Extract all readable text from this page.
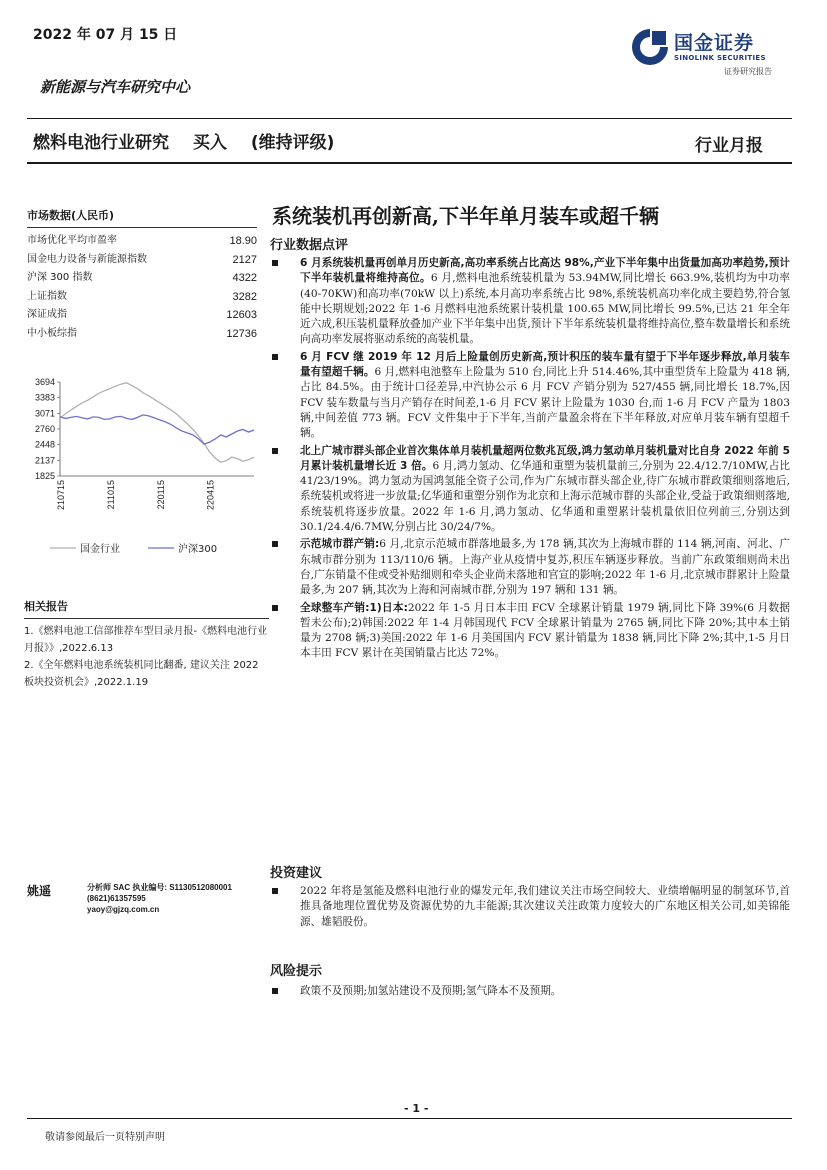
2022 年 07 月 15 日
新能源与汽车研究中心
国金证券
SINOLINK SECURITIES
证券研究报告
燃料电池行业研究 买入 (维持评级)	行业月报
市场数据(人民币)
市场优化平均市盈率	18.90
国金电力设备与新能源指数	2127
沪深 300 指数	4322
上证指数	3282
深证成指	12603
中小板综指	12736
3694
3383
3071
2760
2448
2137
1825
210715	211015	220115	220415
国金行业	沪深300
相关报告
1.《燃料电池工信部推荐车型目录月报-《燃料电池行业月报》》,2022.6.13
2.《全年燃料电池系统装机同比翻番, 建议关注 2022 板块投资机会》,2022.1.19
姚遥	分析师 SAC 执业编号: S1130512080001
(8621)61357595
yaoy@gjzq.com.cn
系统装机再创新高,下半年单月装车或超千辆
行业数据点评
6 月系统装机量再创单月历史新高,高功率系统占比高达 98%,产业下半年集中出货量加高功率趋势,预计下半年装机量将维持高位。6 月,燃料电池系统装机量为 53.94MW,同比增长 663.9%,装机均为中功率(40-70KW)和高功率(70kW 以上)系统,本月高功率系统占比 98%,系统装机高功率化成主要趋势,符合氢能中长期规划;2022 年 1-6 月燃料电池系统累计装机量 100.65 MW,同比增长 99.5%,已达 21 年全年近六成,积压装机量释放叠加产业下半年集中出货,预计下半年系统装机量将维持高位,整车数量增长和系统向高功率发展将驱动系统的高装机量。
6 月 FCV 继 2019 年 12 月后上险量创历史新高,预计积压的装车量有望于下半年逐步释放,单月装车量有望超千辆。6 月,燃料电池整车上险量为 510 台,同比上升 514.46%,其中重型货车上险量为 418 辆,占比 84.5%。由于统计口径差异,中汽协公示 6 月 FCV 产销分别为 527/455 辆,同比增长 18.7%,因 FCV 装车数量与当月产销存在时间差,1-6 月 FCV 累计上险量为 1030 台,而 1-6 月 FCV 产量为 1803 辆,中间差值 773 辆。FCV 文件集中于下半年,当前产量盈余将在下半年释放,对应单月装车辆有望超千辆。
北上广城市群头部企业首次集体单月装机量超两位数兆瓦级,鸿力氢动单月装机量对比自身 2022 年前 5 月累计装机量增长近 3 倍。6 月,鸿力氢动、亿华通和重塑为装机量前三,分别为 22.4/12.7/10MW,占比 41/23/19%。鸿力氢动为国鸿氢能全资子公司,作为广东城市群头部企业,待广东城市群政策细则落地后,系统装机或将进一步放量;亿华通和重塑分别作为北京和上海示范城市群的头部企业,受益于政策细则落地,系统装机将逐步放量。2022 年 1-6 月,鸿力氢动、亿华通和重塑累计装机量依旧位列前三,分别达到 30.1/24.4/6.7MW,分别占比 30/24/7%。
示范城市群产销:6 月,北京示范城市群落地最多,为 178 辆,其次为上海城市群的 114 辆,河南、河北、广东城市群分别为 113/110/6 辆。上海产业从疫情中复苏,积压车辆逐步释放。当前广东政策细则尚未出台,广东销量不佳或受补贴细则和牵头企业尚未落地和官宣的影响;2022 年 1-6 月,北京城市群累计上险量最多,为 207 辆,其次为上海和河南城市群,分别为 197 辆和 131 辆。
全球整车产销:1)日本:2022 年 1-5 月日本丰田 FCV 全球累计销量 1979 辆,同比下降 39%(6 月数据暂未公布);2)韩国:2022 年 1-4 月韩国现代 FCV 全球累计销量为 2765 辆,同比下降 20%;其中本土销量为 2708 辆;3)美国:2022 年 1-6 月美国国内 FCV 累计销量为 1838 辆,同比下降 2%;其中,1-5 月日本丰田 FCV 累计在美国销量占比达 72%。
投资建议
2022 年将是氢能及燃料电池行业的爆发元年,我们建议关注市场空间较大、业绩增幅明显的制氢环节,首推具备地理位置优势及资源优势的九丰能源;其次建议关注政策力度较大的广东地区相关公司,如美锦能源、雄韬股份。
风险提示
政策不及预期;加氢站建设不及预期;氢气降本不及预期。
- 1 -
敬请参阅最后一页特别声明
